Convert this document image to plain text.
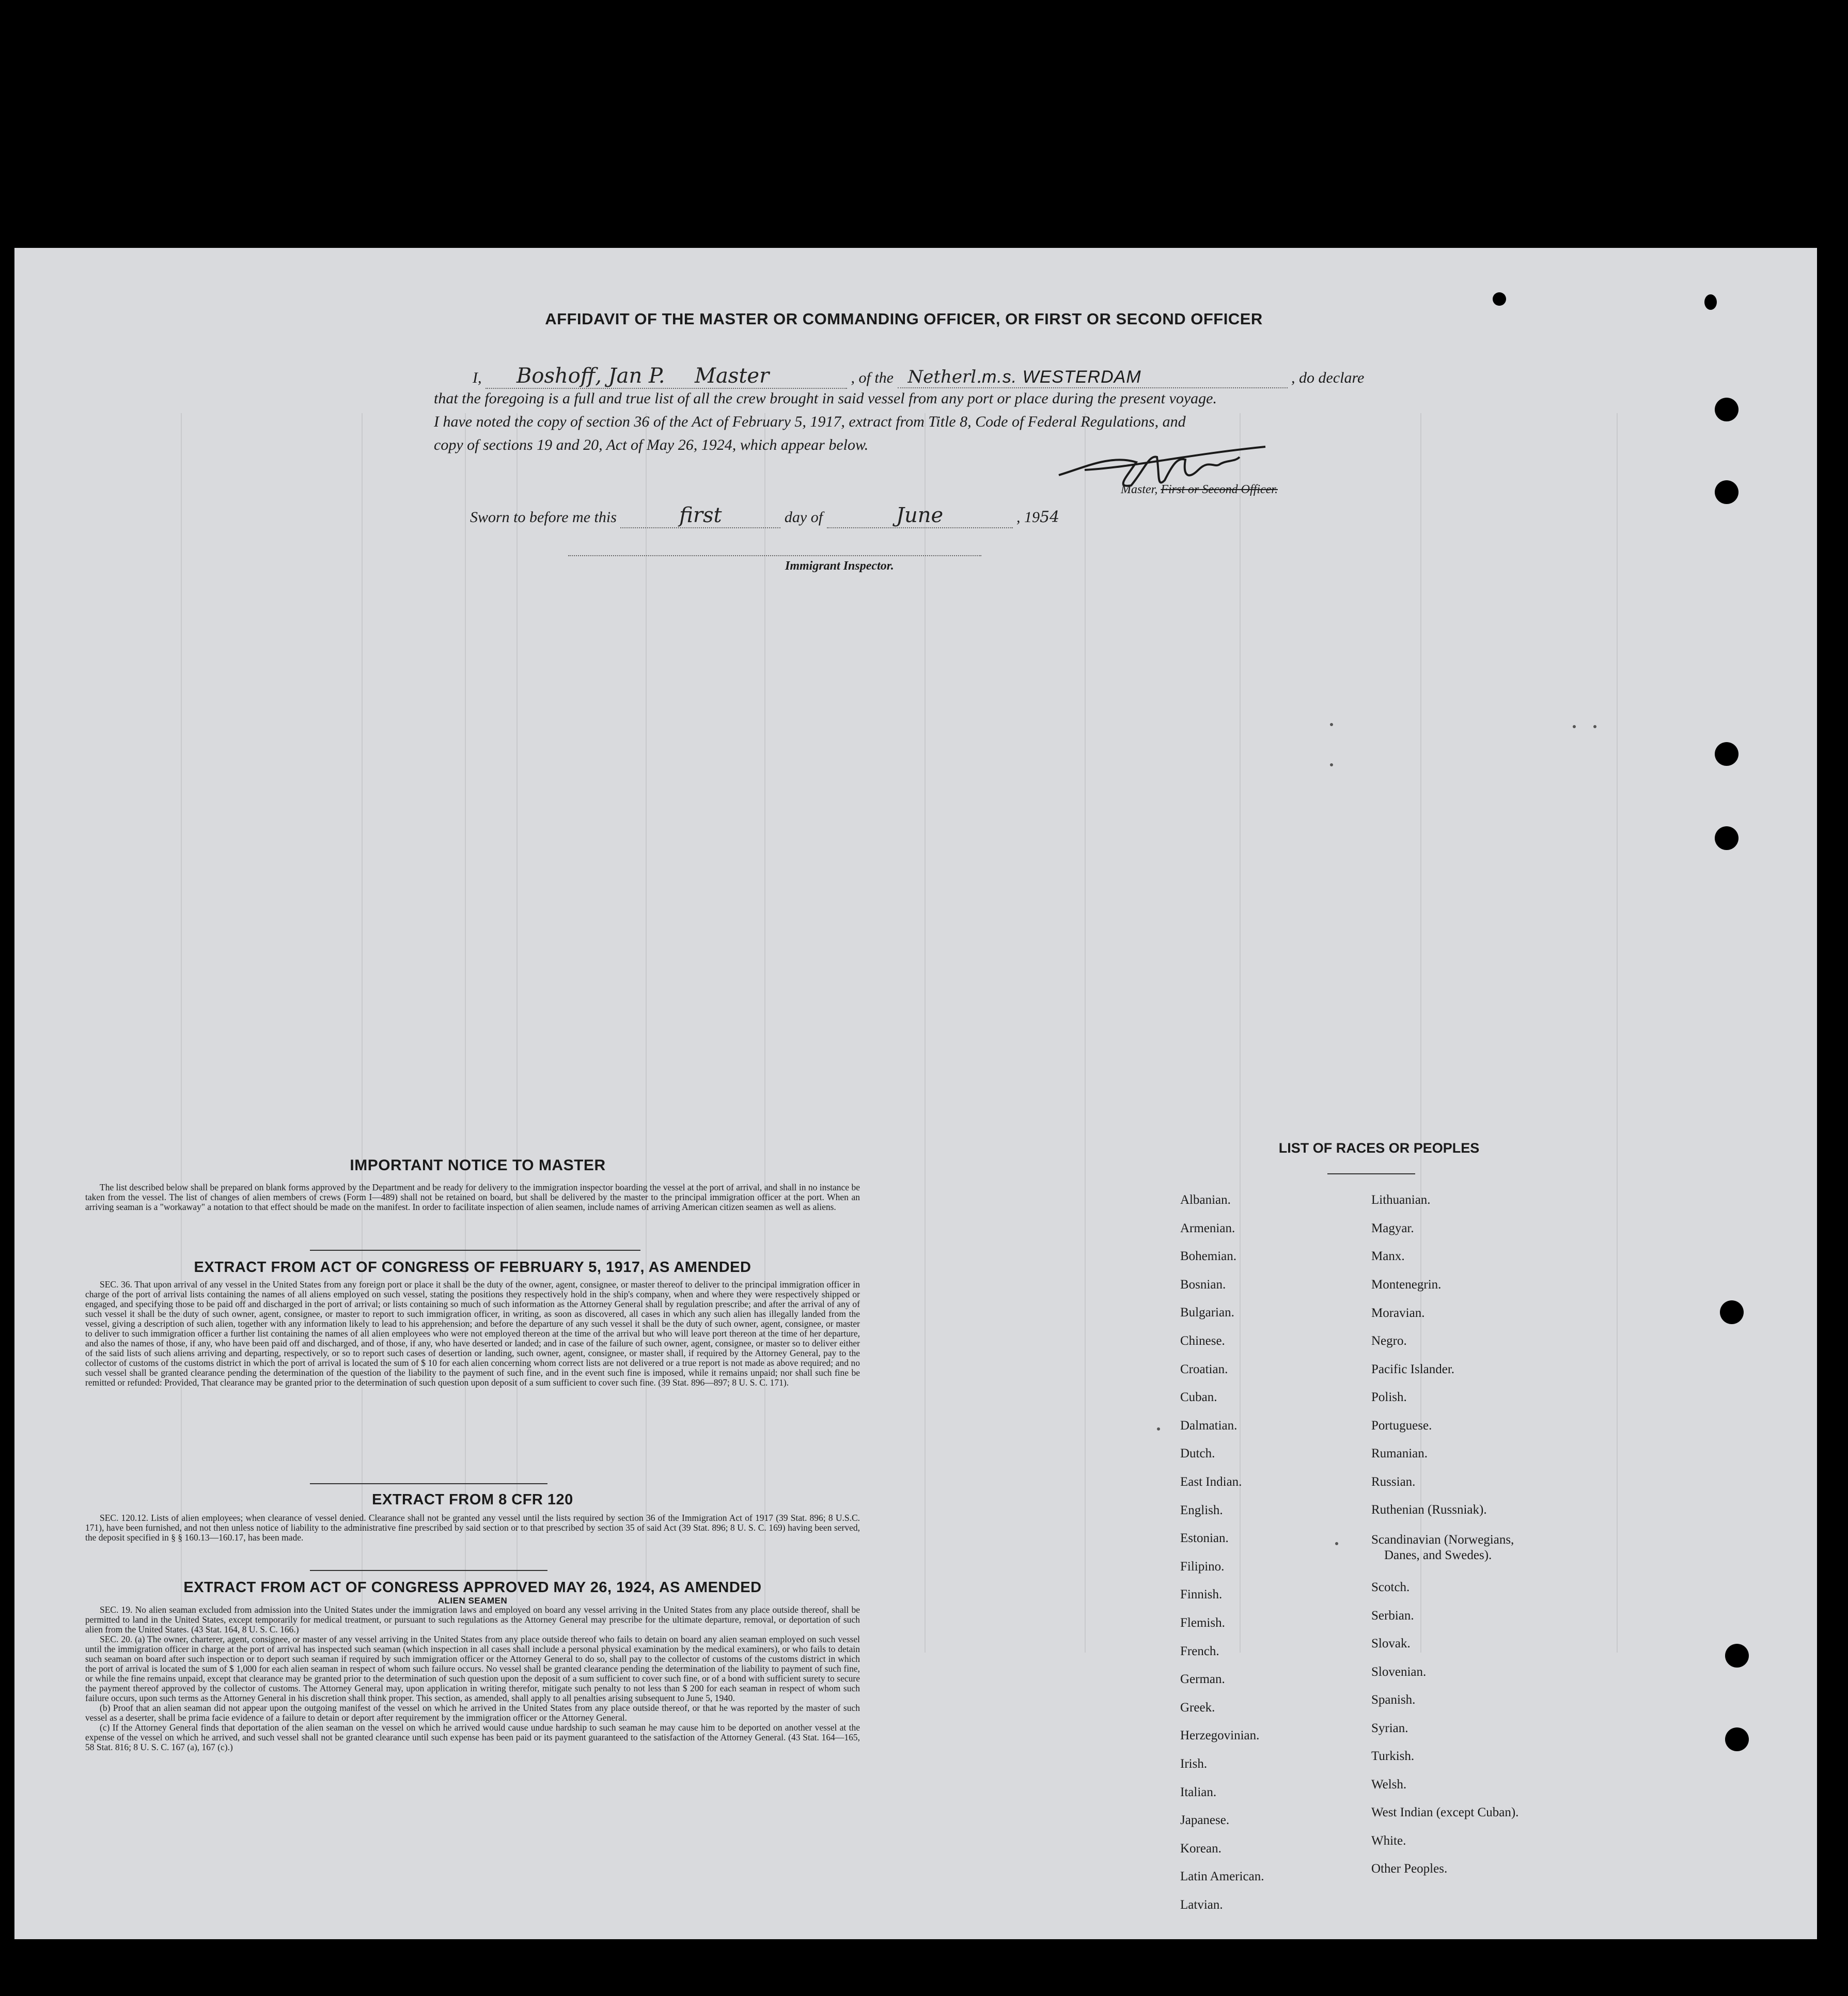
AFFIDAVIT OF THE MASTER OR COMMANDING OFFICER, OR FIRST OR SECOND OFFICER
I, Boshoff, Jan P. Master	, of the Netherl.m.s. WESTERDAM	, do declare
that the foregoing is a full and true list of all the crew brought in said vessel from any port or place during the present voyage.
I have noted the copy of section 36 of the Act of February 5, 1917, extract from Title 8, Code of Federal Regulations, and
copy of sections 19 and 20, Act of May 26, 1924, which appear below.
Master, First or Second Officer.
Sworn to before me this	first	day of	June	, 1954
Immigrant Inspector.
IMPORTANT NOTICE TO MASTER

The list described below shall be prepared on blank forms approved by the Department and be ready for delivery to the immigration inspector boarding the vessel at the port of arrival, and shall in no instance be taken from the vessel. The list of changes of alien members of crews (Form I—489) shall not be retained on board, but shall be delivered by the master to the principal immigration officer at the port. When an arriving seaman is a "workaway" a notation to that effect should be made on the manifest. In order to facilitate inspection of alien seamen, include names of arriving American citizen seamen as well as aliens.

EXTRACT FROM ACT OF CONGRESS OF FEBRUARY 5, 1917, AS AMENDED

SEC. 36. That upon arrival of any vessel in the United States from any foreign port or place it shall be the duty of the owner, agent, consignee, or master thereof to deliver to the principal immigration officer in charge of the port of arrival lists containing the names of all aliens employed on such vessel, stating the positions they respectively hold in the ship's company, when and where they were respectively shipped or engaged, and specifying those to be paid off and discharged in the port of arrival; or lists containing so much of such information as the Attorney General shall by regulation prescribe; and after the arrival of any of such vessel it shall be the duty of such owner, agent, consignee, or master to report to such immigration officer, in writing, as soon as discovered, all cases in which any such alien has illegally landed from the vessel, giving a description of such alien, together with any information likely to lead to his apprehension; and before the departure of any such vessel it shall be the duty of such owner, agent, consignee, or master to deliver to such immigration officer a further list containing the names of all alien employees who were not employed thereon at the time of the arrival but who will leave port thereon at the time of her departure, and also the names of those, if any, who have been paid off and discharged, and of those, if any, who have deserted or landed; and in case of the failure of such owner, agent, consignee, or master so to deliver either of the said lists of such aliens arriving and departing, respectively, or so to report such cases of desertion or landing, such owner, agent, consignee, or master shall, if required by the Attorney General, pay to the collector of customs of the customs district in which the port of arrival is located the sum of $ 10 for each alien concerning whom correct lists are not delivered or a true report is not made as above required; and no such vessel shall be granted clearance pending the determination of the question of the liability to the payment of such fine, and in the event such fine is imposed, while it remains unpaid; nor shall such fine be remitted or refunded: Provided, That clearance may be granted prior to the determination of such question upon deposit of a sum sufficient to cover such fine. (39 Stat. 896—897; 8 U. S. C. 171).

EXTRACT FROM 8 CFR 120

SEC. 120.12. Lists of alien employees; when clearance of vessel denied. Clearance shall not be granted any vessel until the lists required by section 36 of the Immigration Act of 1917 (39 Stat. 896; 8 U.S.C. 171), have been furnished, and not then unless notice of liability to the administrative fine prescribed by said section or to that prescribed by section 35 of said Act (39 Stat. 896; 8 U. S. C. 169) having been served, the deposit specified in § § 160.13—160.17, has been made.

EXTRACT FROM ACT OF CONGRESS APPROVED MAY 26, 1924, AS AMENDED
ALIEN SEAMEN

SEC. 19. No alien seaman excluded from admission into the United States under the immigration laws and employed on board any vessel arriving in the United States from any place outside thereof, shall be permitted to land in the United States, except temporarily for medical treatment, or pursuant to such regulations as the Attorney General may prescribe for the ultimate departure, removal, or deportation of such alien from the United States. (43 Stat. 164, 8 U. S. C. 166.)

SEC. 20. (a) The owner, charterer, agent, consignee, or master of any vessel arriving in the United States from any place outside thereof who fails to detain on board any alien seaman employed on such vessel until the immigration officer in charge at the port of arrival has inspected such seaman (which inspection in all cases shall include a personal physical examination by the medical examiners), or who fails to detain such seaman on board after such inspection or to deport such seaman if required by such immigration officer or the Attorney General to do so, shall pay to the collector of customs of the customs district in which the port of arrival is located the sum of $ 1,000 for each alien seaman in respect of whom such failure occurs. No vessel shall be granted clearance pending the determination of the liability to payment of such fine, or while the fine remains unpaid, except that clearance may be granted prior to the determination of such question upon the deposit of a sum sufficient to cover such fine, or of a bond with sufficient surety to secure the payment thereof approved by the collector of customs. The Attorney General may, upon application in writing therefor, mitigate such penalty to not less than $ 200 for each seaman in respect of whom such failure occurs, upon such terms as the Attorney General in his discretion shall think proper. This section, as amended, shall apply to all penalties arising subsequent to June 5, 1940.

(b) Proof that an alien seaman did not appear upon the outgoing manifest of the vessel on which he arrived in the United States from any place outside thereof, or that he was reported by the master of such vessel as a deserter, shall be prima facie evidence of a failure to detain or deport after requirement by the immigration officer or the Attorney General.

(c) If the Attorney General finds that deportation of the alien seaman on the vessel on which he arrived would cause undue hardship to such seaman he may cause him to be deported on another vessel at the expense of the vessel on which he arrived, and such vessel shall not be granted clearance until such expense has been paid or its payment guaranteed to the satisfaction of the Attorney General. (43 Stat. 164—165, 58 Stat. 816; 8 U. S. C. 167 (a), 167 (c).)

LIST OF RACES OR PEOPLES
Albanian.
Armenian.
Bohemian.
Bosnian.
Bulgarian.
Chinese.
Croatian.
Cuban.
Dalmatian.
Dutch.
East Indian.
English.
Estonian.
Filipino.
Finnish.
Flemish.
French.
German.
Greek.
Herzegovinian.
Irish.
Italian.
Japanese.
Korean.
Latin American.
Latvian.
Lithuanian.
Magyar.
Manx.
Montenegrin.
Moravian.
Negro.
Pacific Islander.
Polish.
Portuguese.
Rumanian.
Russian.
Ruthenian (Russniak).
Scandinavian (Norwegians,
Danes, and Swedes).
Scotch.
Serbian.
Slovak.
Slovenian.
Spanish.
Syrian.
Turkish.
Welsh.
West Indian (except Cuban).
White.
Other Peoples.
